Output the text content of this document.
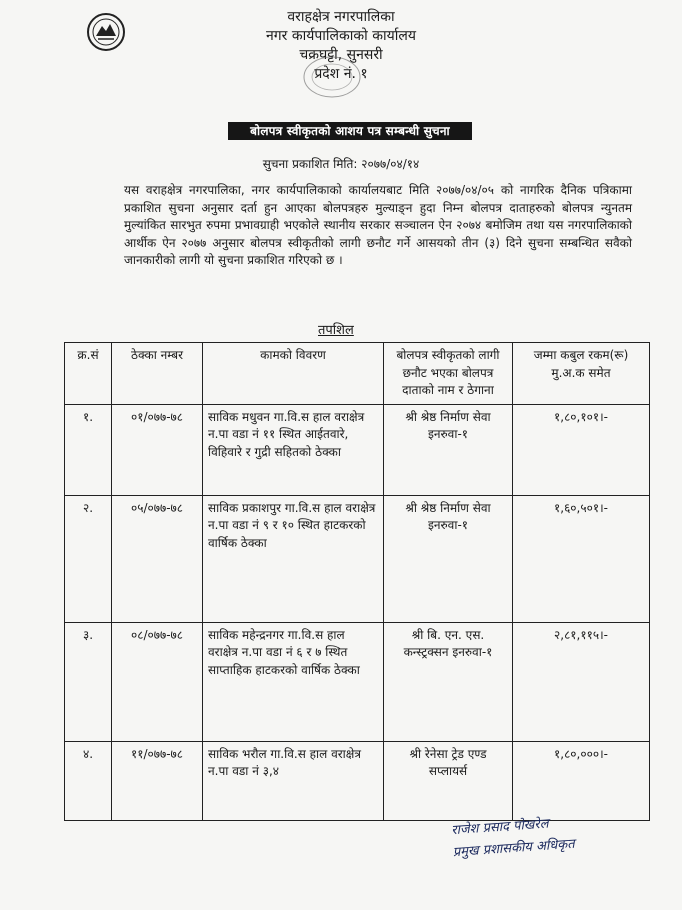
वराहक्षेत्र नगरपालिका
नगर कार्यपालिकाको कार्यालय
चक्रघट्टी, सुनसरी
प्रदेश नं. १
बोलपत्र स्वीकृतको आशय पत्र सम्बन्धी सुचना
सुचना प्रकाशित मिति: २०७७/०४/१४

यस वराहक्षेत्र नगरपालिका, नगर कार्यपालिकाको कार्यालयबाट मिति २०७७/०४/०५ को नागरिक दैनिक पत्रिकामा प्रकाशित सुचना अनुसार दर्ता हुन आएका बोलपत्रहरु मुल्याङ्‌न हुदा निम्न बोलपत्र दाताहरुको बोलपत्र न्युनतम मुल्यांकित सारभुत रुपमा प्रभावग्राही भएकोले स्थानीय सरकार सञ्चालन ऐन २०७४ बमोजिम तथा यस नगरपालिकाको आर्थीक ऐन २०७७ अनुसार बोलपत्र स्वीकृतीको लागी छनौट गर्ने आसयको तीन (३) दिने सुचना सम्बन्धित सवैको जानकारीको लागी यो सुचना प्रकाशित गरिएको छ ।

तपशिल
क्र.सं	ठेक्का नम्बर	कामको विवरण	बोलपत्र स्वीकृतको लागी छनौट भएका बोलपत्र दाताको नाम र ठेगाना	जम्मा कबुल रकम(रू) मु.अ.क समेत
१.	०१/०७७-७८	साविक मधुवन गा.वि.स हाल वराक्षेत्र न.पा वडा नं ११ स्थित आईतवारे, विहिवारे र गुद्री सहितको ठेक्का	श्री श्रेष्ठ निर्माण सेवा इनरुवा-१	१,८०,१०१।-
२.	०५/०७७-७८	साविक प्रकाशपुर गा.वि.स हाल वराक्षेत्र न.पा वडा नं ९ र १० स्थित हाटकरको वार्षिक ठेक्का	श्री श्रेष्ठ निर्माण सेवा इनरुवा-१	१,६०,५०१।-
३.	०८/०७७-७८	साविक महेन्द्रनगर गा.वि.स हाल वराक्षेत्र न.पा वडा नं ६ र ७ स्थित साप्ताहिक हाटकरको वार्षिक ठेक्का	श्री बि. एन. एस. कन्स्ट्रक्सन इनरुवा-१	२,८१,११५।-
४.	११/०७७-७८	साविक भरौल गा.वि.स हाल वराक्षेत्र न.पा वडा नं ३,४	श्री रेनेसा ट्रेड एण्ड सप्लायर्स	१,८०,०००।-
राजेश प्रसाद पोखरेल
प्रमुख प्रशासकीय अधिकृत
